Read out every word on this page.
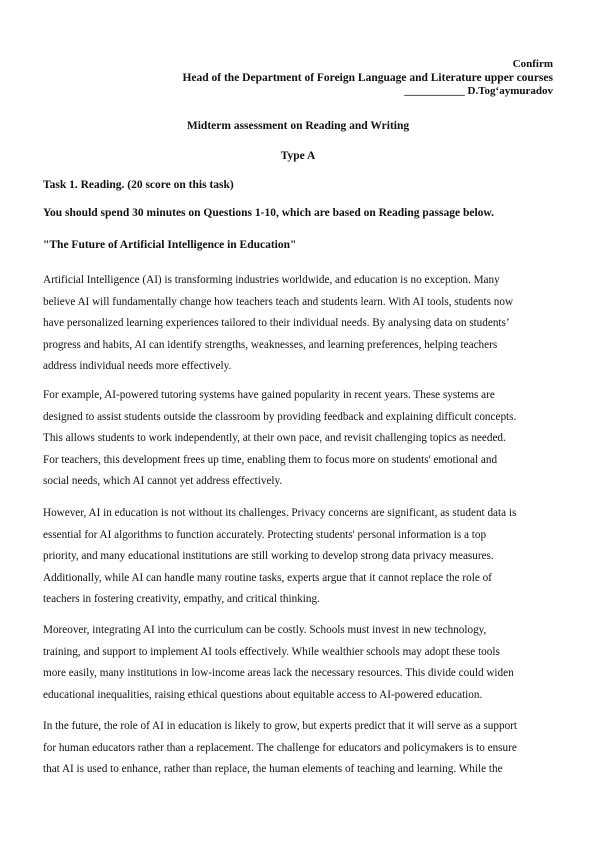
Confirm
Head of the Department of Foreign Language and Literature upper courses
___________ D.Tog‘aymuradov
Midterm assessment on Reading and Writing
Type A
Task 1. Reading. (20 score on this task)
You should spend 30 minutes on Questions 1-10, which are based on Reading passage below.
"The Future of Artificial Intelligence in Education"
Artificial Intelligence (AI) is transforming industries worldwide, and education is no exception. Many
believe AI will fundamentally change how teachers teach and students learn. With AI tools, students now
have personalized learning experiences tailored to their individual needs. By analysing data on students’
progress and habits, AI can identify strengths, weaknesses, and learning preferences, helping teachers
address individual needs more effectively.
For example, AI-powered tutoring systems have gained popularity in recent years. These systems are
designed to assist students outside the classroom by providing feedback and explaining difficult concepts.
This allows students to work independently, at their own pace, and revisit challenging topics as needed.
For teachers, this development frees up time, enabling them to focus more on students' emotional and
social needs, which AI cannot yet address effectively.
However, AI in education is not without its challenges. Privacy concerns are significant, as student data is
essential for AI algorithms to function accurately. Protecting students' personal information is a top
priority, and many educational institutions are still working to develop strong data privacy measures.
Additionally, while AI can handle many routine tasks, experts argue that it cannot replace the role of
teachers in fostering creativity, empathy, and critical thinking.
Moreover, integrating AI into the curriculum can be costly. Schools must invest in new technology,
training, and support to implement AI tools effectively. While wealthier schools may adopt these tools
more easily, many institutions in low-income areas lack the necessary resources. This divide could widen
educational inequalities, raising ethical questions about equitable access to AI-powered education.
In the future, the role of AI in education is likely to grow, but experts predict that it will serve as a support
for human educators rather than a replacement. The challenge for educators and policymakers is to ensure
that AI is used to enhance, rather than replace, the human elements of teaching and learning. While the
